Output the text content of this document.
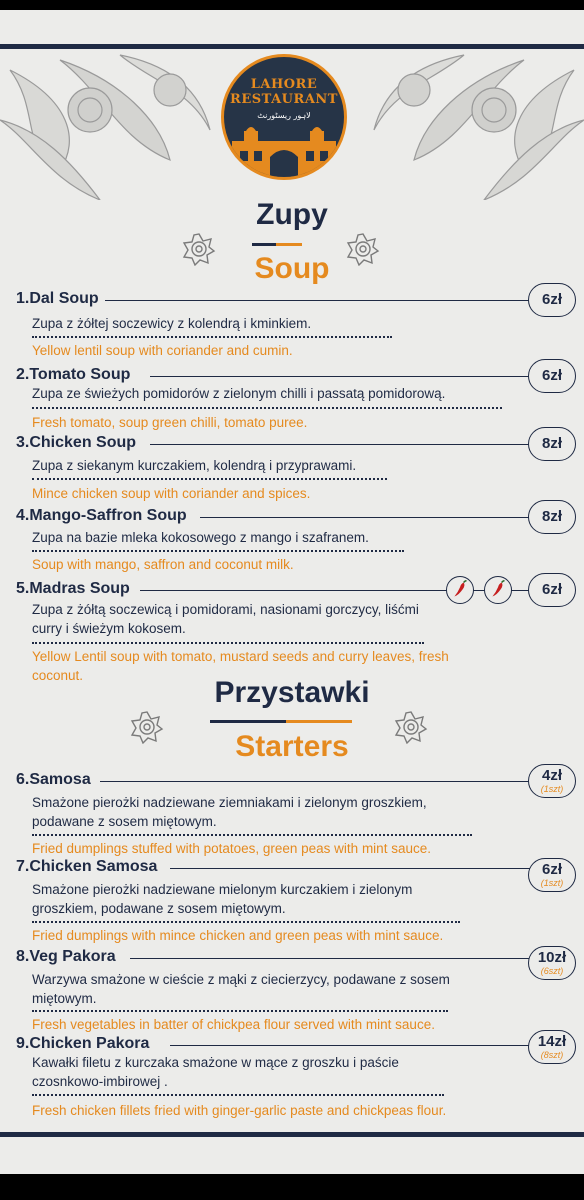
LAHORE
RESTAURANT
لاہور ریسٹورنٹ
Zupy
Soup
1.Dal Soup	6zł
Zupa z żółtej soczewicy z kolendrą i kminkiem.
Yellow lentil soup with coriander and cumin.
2.Tomato Soup	6zł
Zupa ze świeżych pomidorów z zielonym chilli i passatą pomidorową.
Fresh tomato, soup green chilli, tomato puree.
3.Chicken Soup	8zł
Zupa z siekanym kurczakiem, kolendrą i przyprawami.
Mince chicken soup with coriander and spices.
4.Mango-Saffron Soup	8zł
Zupa na bazie mleka kokosowego z mango i szafranem.
Soup with mango, saffron and coconut milk.
5.Madras Soup	6zł
Zupa z żółtą soczewicą i pomidorami, nasionami gorczycy, liśćmi curry i świeżym kokosem.
Yellow Lentil soup with tomato, mustard seeds and curry leaves, fresh coconut.
Przystawki
Starters
6.Samosa	4zł
(1szt)
Smażone pierożki nadziewane ziemniakami i zielonym groszkiem, podawane z sosem miętowym.
Fried dumplings stuffed with potatoes, green peas with mint sauce.
7.Chicken Samosa	6zł
(1szt)
Smażone pierożki nadziewane mielonym kurczakiem i zielonym groszkiem, podawane z sosem miętowym.
Fried dumplings with mince chicken and green peas with mint sauce.
8.Veg Pakora	10zł
(6szt)
Warzywa smażone w cieście z mąki z ciecierzycy, podawane z sosem miętowym.
Fresh vegetables in batter of chickpea flour served with mint sauce.
9.Chicken Pakora	14zł
(8szt)
Kawałki filetu z kurczaka smażone w mące z groszku i paście czosnkowo-imbirowej .
Fresh chicken fillets fried with ginger-garlic paste and chickpeas flour.
